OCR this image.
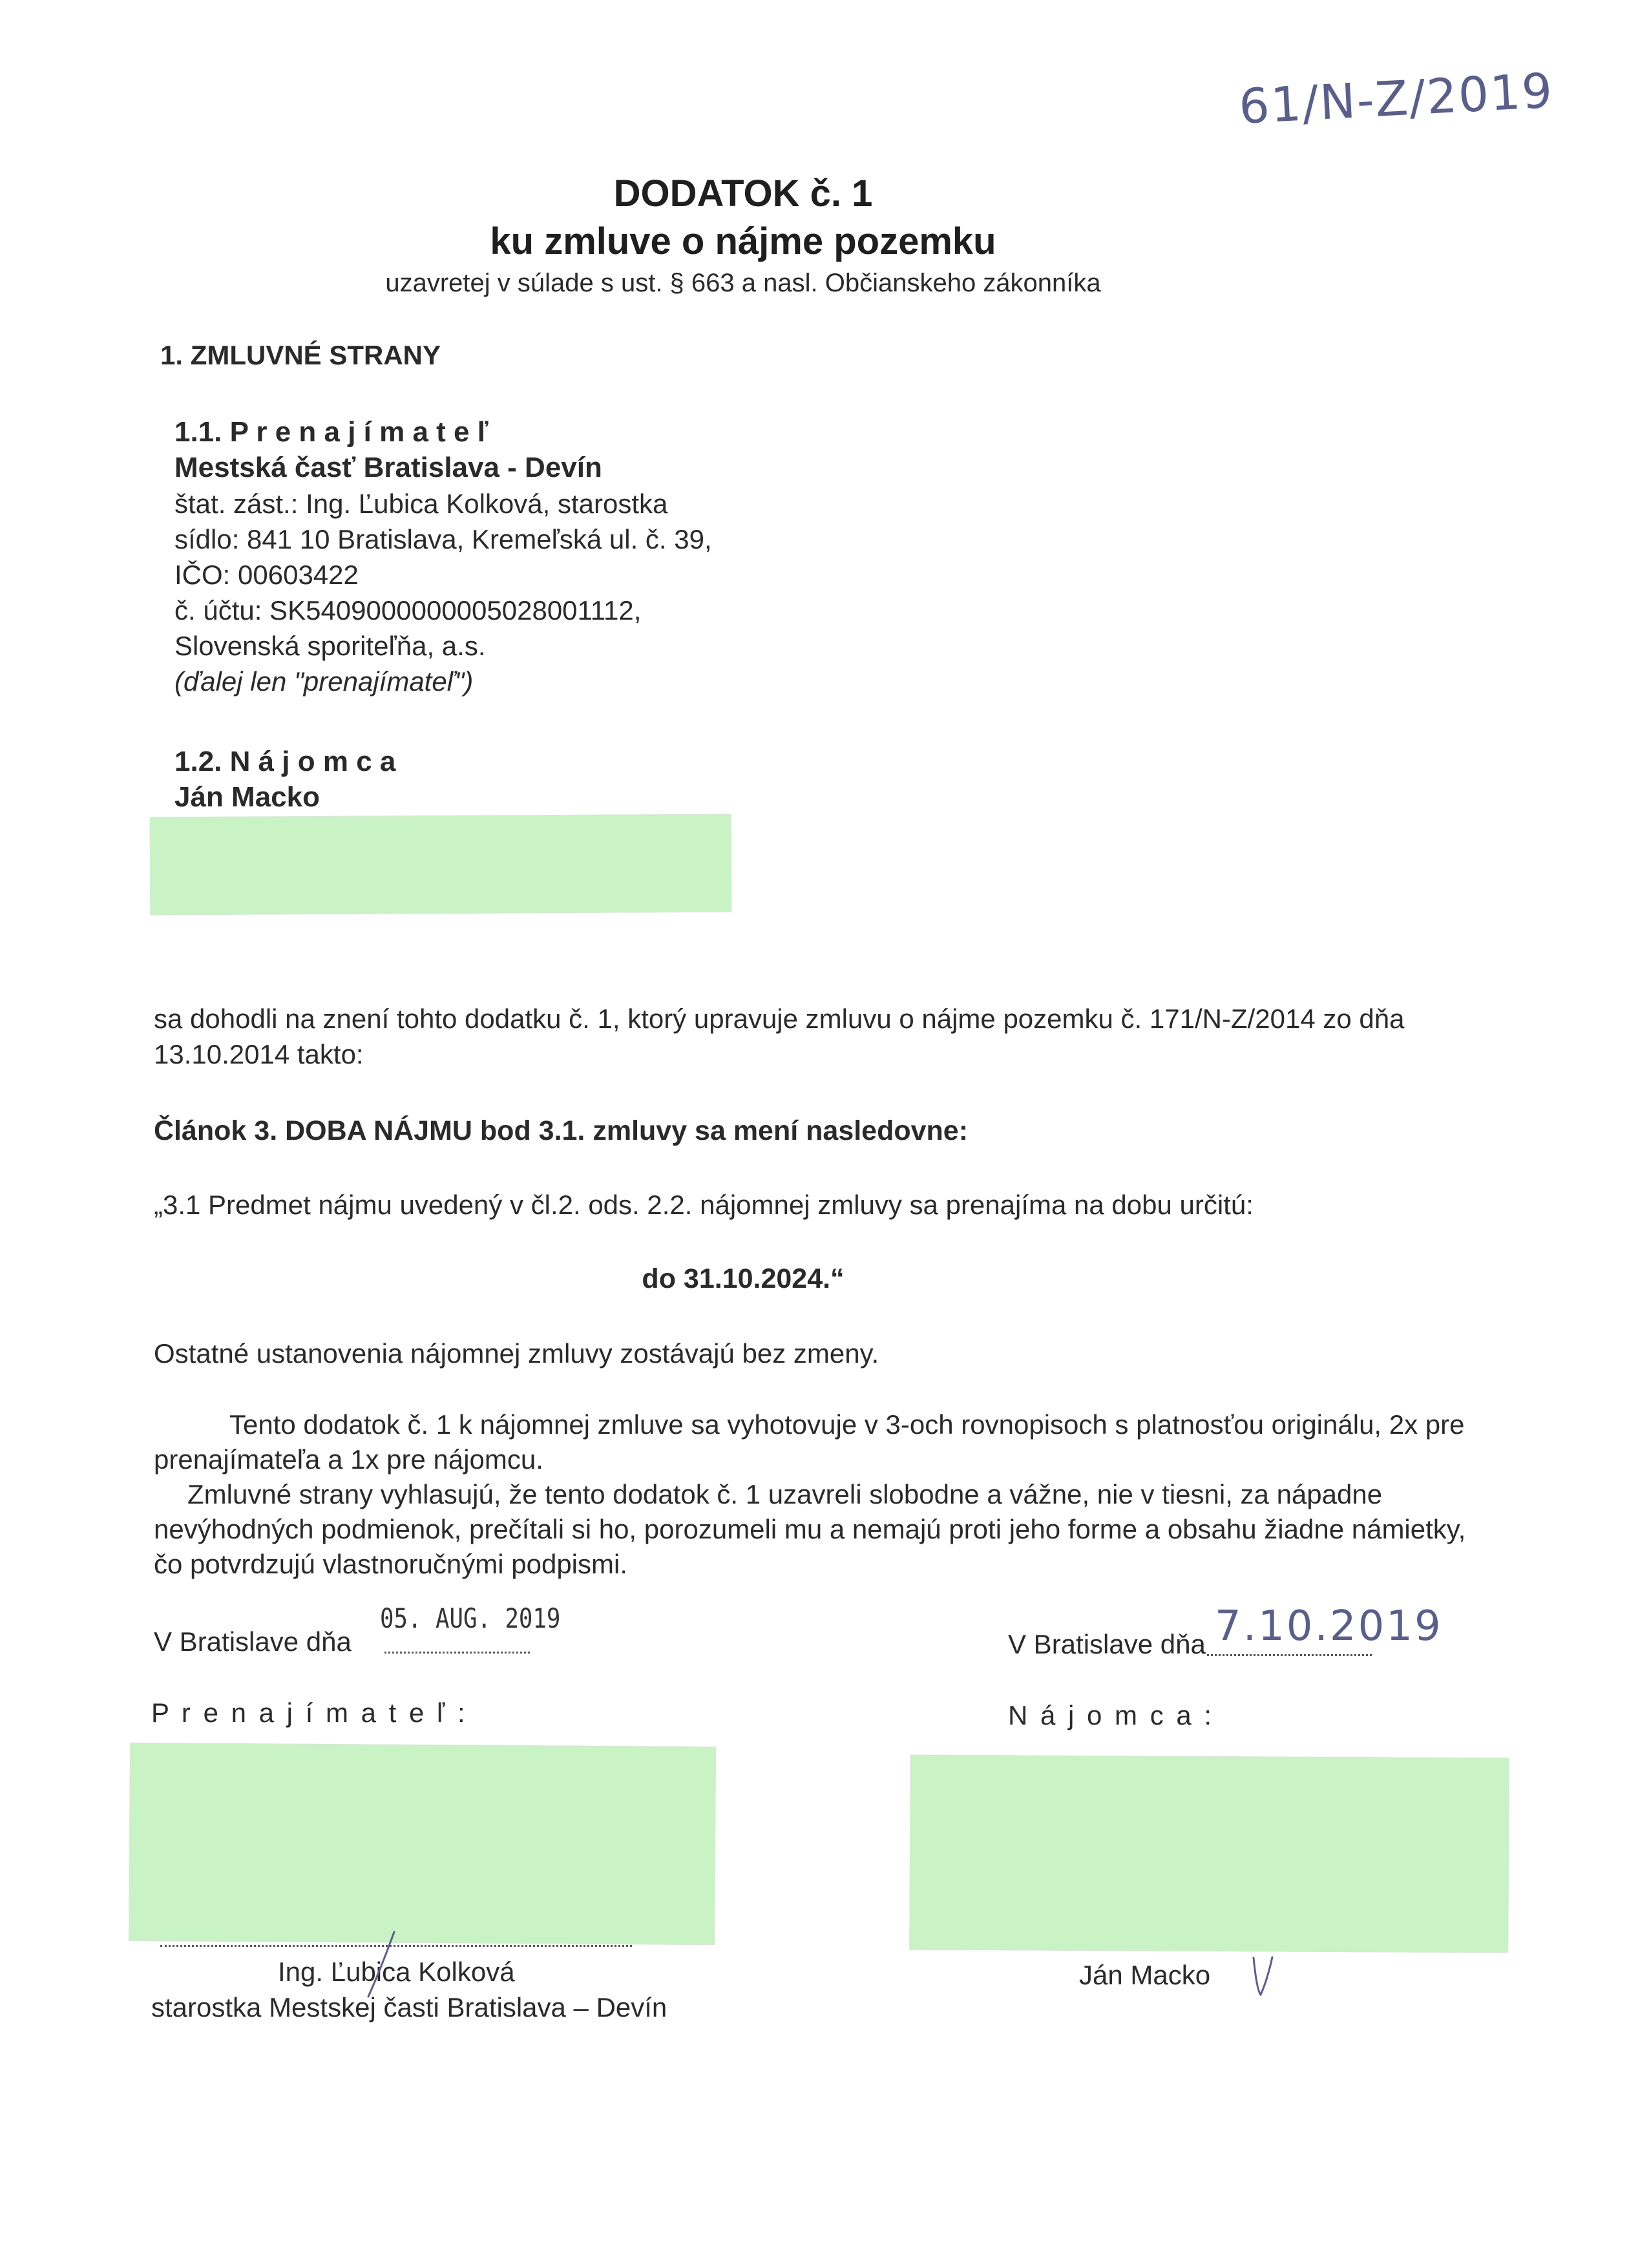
61/N-Z/2019
DODATOK č. 1
ku zmluve o nájme pozemku
uzavretej v súlade s ust. § 663 a nasl. Občianskeho zákonníka
1. ZMLUVNÉ STRANY
1.1. P r e n a j í m a t e ľ
Mestská časť Bratislava - Devín
štat. zást.: Ing. Ľubica Kolková, starostka
sídlo: 841 10 Bratislava, Kremeľská ul. č. 39,
IČO: 00603422
č. účtu: SK5409000000005028001112,
Slovenská sporiteľňa, a.s.
(ďalej len "prenajímateľ")
1.2. N á j o m c a
Ján Macko
sa dohodli na znení tohto dodatku č. 1, ktorý upravuje zmluvu o nájme pozemku č. 171/N-Z/2014 zo dňa
13.10.2014 takto:
Článok 3. DOBA NÁJMU bod 3.1. zmluvy sa mení nasledovne:
„3.1 Predmet nájmu uvedený v čl.2. ods. 2.2. nájomnej zmluvy sa prenajíma na dobu určitú:
do 31.10.2024.“
Ostatné ustanovenia nájomnej zmluvy zostávajú bez zmeny.
Tento dodatok č. 1 k nájomnej zmluve sa vyhotovuje v 3-och rovnopisoch s platnosťou originálu, 2x pre
prenajímateľa a 1x pre nájomcu.
Zmluvné strany vyhlasujú, že tento dodatok č. 1 uzavreli slobodne a vážne, nie v tiesni, za nápadne
nevýhodných podmienok, prečítali si ho, porozumeli mu a nemajú proti jeho forme a obsahu žiadne námietky,
čo potvrdzujú vlastnoručnými podpismi.
V Bratislave dňa
05. AUG. 2019
V Bratislave dňa 7.10.2019
P r e n a j í m a t e ľ :	N á j o m c a :
Ing. Ľubica Kolková
starostka Mestskej časti Bratislava – Devín
Ján Macko
